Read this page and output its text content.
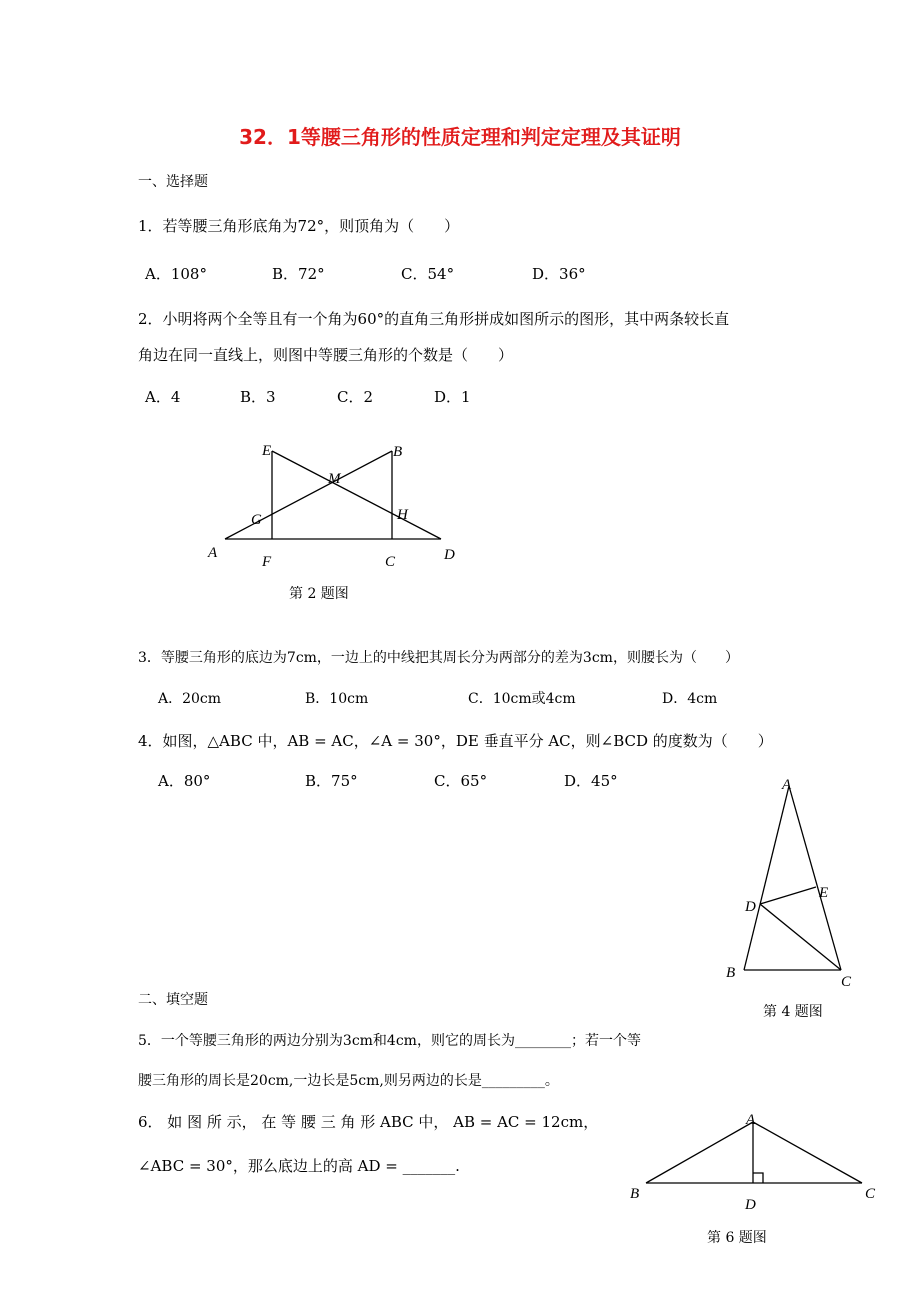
32．1等腰三角形的性质定理和判定定理及其证明
一、选择题
1．若等腰三角形底角为72°，则顶角为（　　）
A．108°	B．72°	C．54°	D．36°
2．小明将两个全等且有一个角为60°的直角三角形拼成如图所示的图形，其中两条较长直
角边在同一直线上，则图中等腰三角形的个数是（　　）
A．4	B．3	C．2	D．1
E	B
M
G	H
A
F	C	D
第 2 题图
3．等腰三角形的底边为7cm，一边上的中线把其周长分为两部分的差为3cm，则腰长为（　　）
A．20cm	B．10cm	C．10cm或4cm	D．4cm
4．如图，△ABC 中，AB = AC，∠A = 30°，DE 垂直平分 AC，则∠BCD 的度数为（　　）
A．80°	B．75°	C．65°	D．45°	A
D
E
B
C
第 4 题图
二、填空题
5．一个等腰三角形的两边分别为3cm和4cm，则它的周长为________；若一个等
腰三角形的周长是20cm,一边长是5cm,则另两边的长是_________。
6． 如 图 所 示， 在 等 腰 三 角 形 ABC 中， AB = AC = 12cm，
∠ABC = 30°，那么底边上的高 AD = _______.
A
B
D
C
第 6 题图
